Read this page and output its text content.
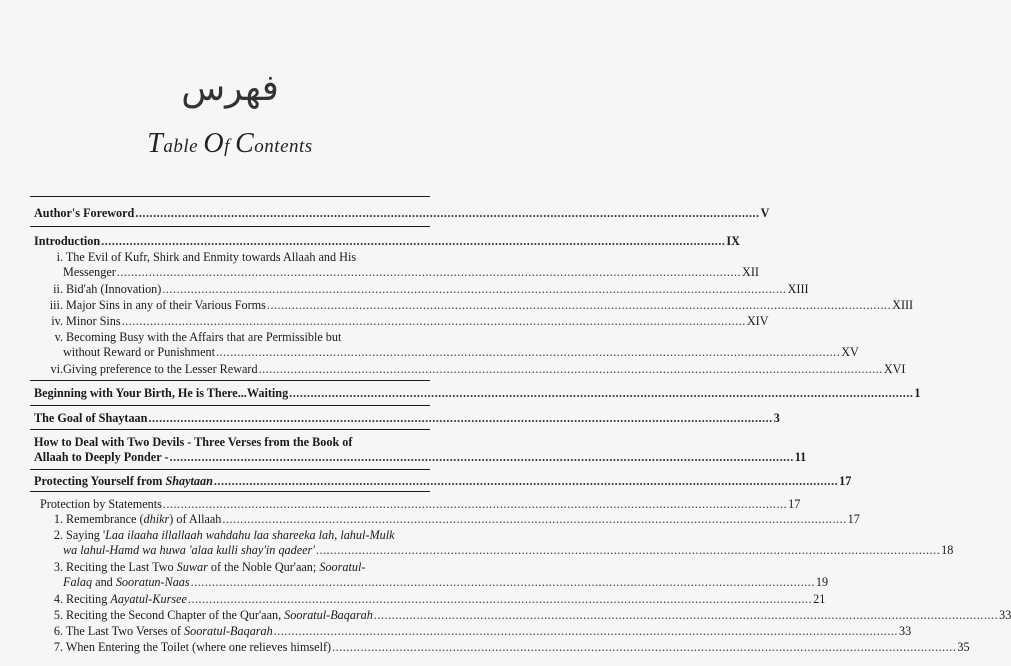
فهرس
Table Of Contents
Author's Foreword .....	V
Introduction .....	IX
i. The Evil of Kufr, Shirk and Enmity towards Allaah and His
Messenger .....	XII
ii. Bid'ah (Innovation) .....	XIII
iii. Major Sins in any of their Various Forms .....	XIII
iv. Minor Sins .....	XIV
v. Becoming Busy with the Affairs that are Permissible but
without Reward or Punishment .....	XV
vi.Giving preference to the Lesser Reward .....	XVI
Beginning with Your Birth, He is There...Waiting .....	1
The Goal of Shaytaan .....	3
How to Deal with Two Devils - Three Verses from the Book of
Allaah to Deeply Ponder - .....	11
Protecting Yourself from Shaytaan .....	17
Protection by Statements .....	17
1. Remembrance (dhikr) of Allaah .....	17
2. Saying 'Laa ilaaha illallaah wahdahu laa shareeka lah, lahul-Mulk
wa lahul-Hamd wa huwa 'alaa kulli shay'in qadeer' .....	18
3. Reciting the Last Two Suwar of the Noble Qur'aan; Sooratul-
Falaq and Sooratun-Naas .....	19
4. Reciting Aayatul-Kursee .....	21
5. Reciting the Second Chapter of the Qur'aan, Sooratul-Baqarah .....	33
6. The Last Two Verses of Sooratul-Baqarah .....	33
7. When Entering the Toilet (where one relieves himself) .....	35
